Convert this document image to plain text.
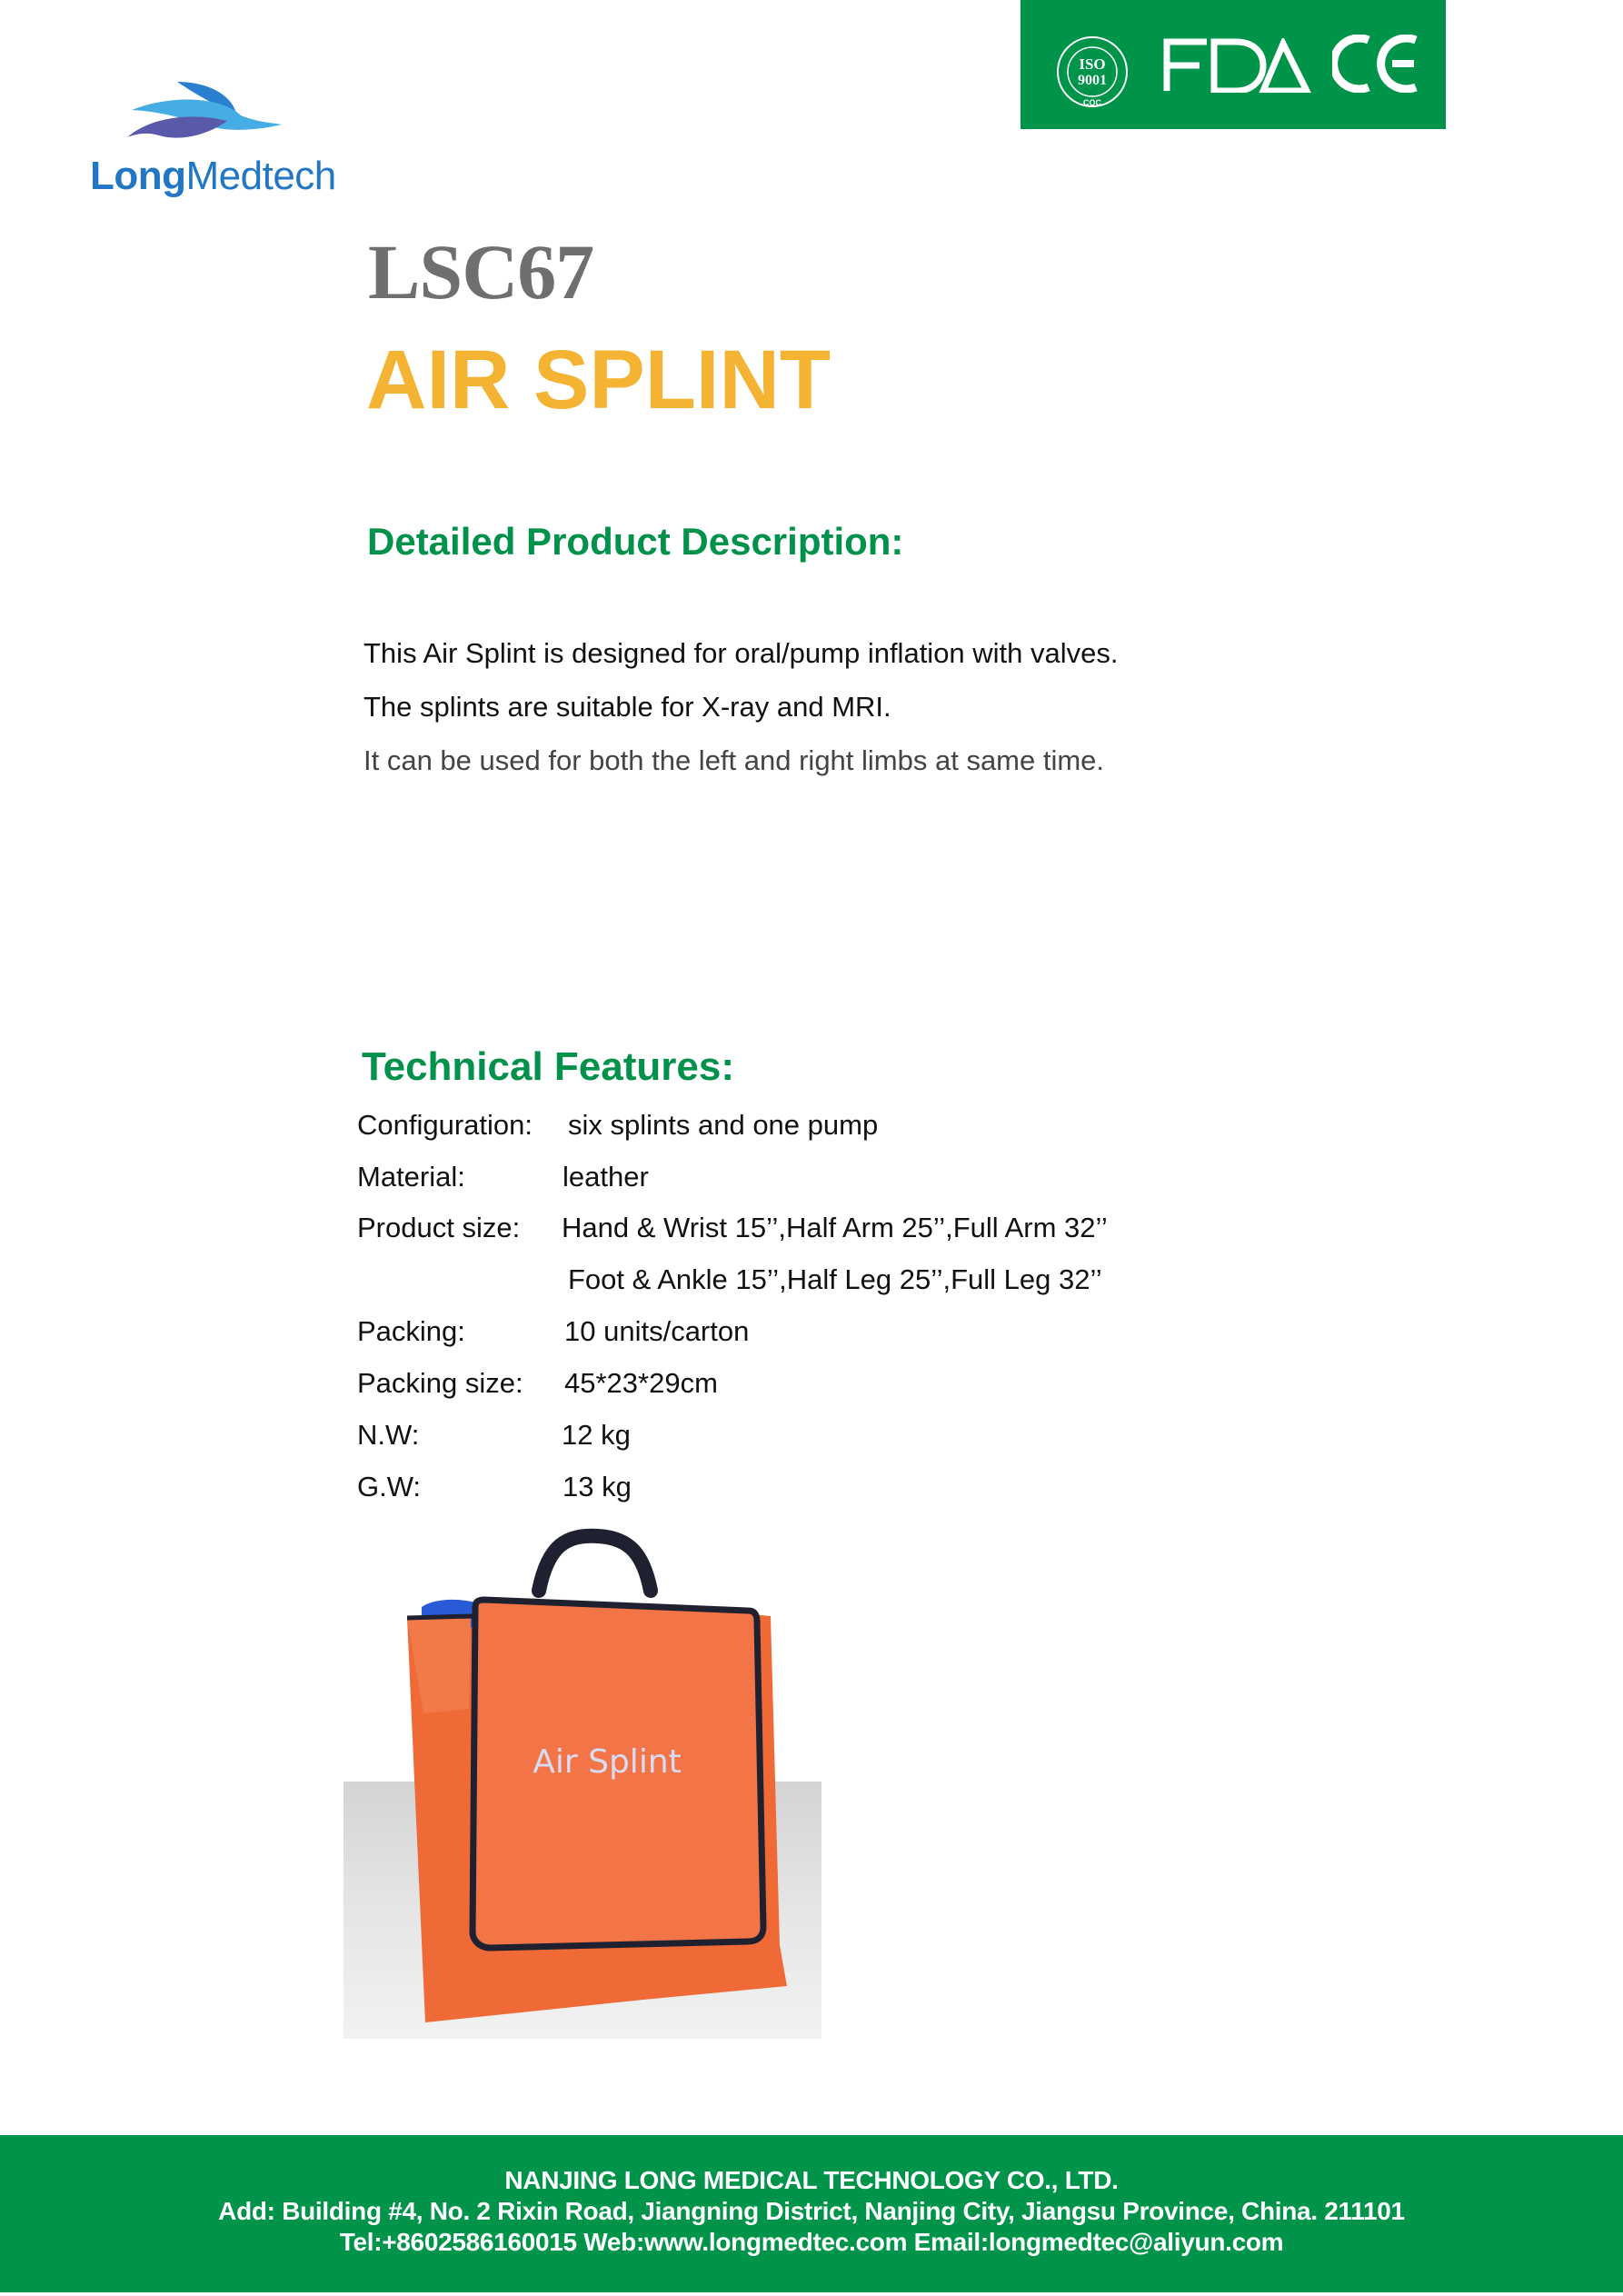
LongMedtech
ISO
9001
CQC
LSC67
AIR SPLINT
Detailed Product Description:
This Air Splint is designed for oral/pump inflation with valves.
The splints are suitable for X-ray and MRI.
It can be used for both the left and right limbs at same time.
Technical Features:
Configuration: six splints and one pump
Material:	leather
Product size: Hand & Wrist 15’’,Half Arm 25’’,Full Arm 32’’
Foot & Ankle 15’’,Half Leg 25’’,Full Leg 32’’
Packing:	10 units/carton
Packing size: 45*23*29cm
N.W:	12 kg
G.W:	13 kg
Air Splint
NANJING LONG MEDICAL TECHNOLOGY CO., LTD.
Add: Building #4, No. 2 Rixin Road, Jiangning District, Nanjing City, Jiangsu Province, China. 211101
Tel:+8602586160015 Web:www.longmedtec.com Email:longmedtec@aliyun.com
